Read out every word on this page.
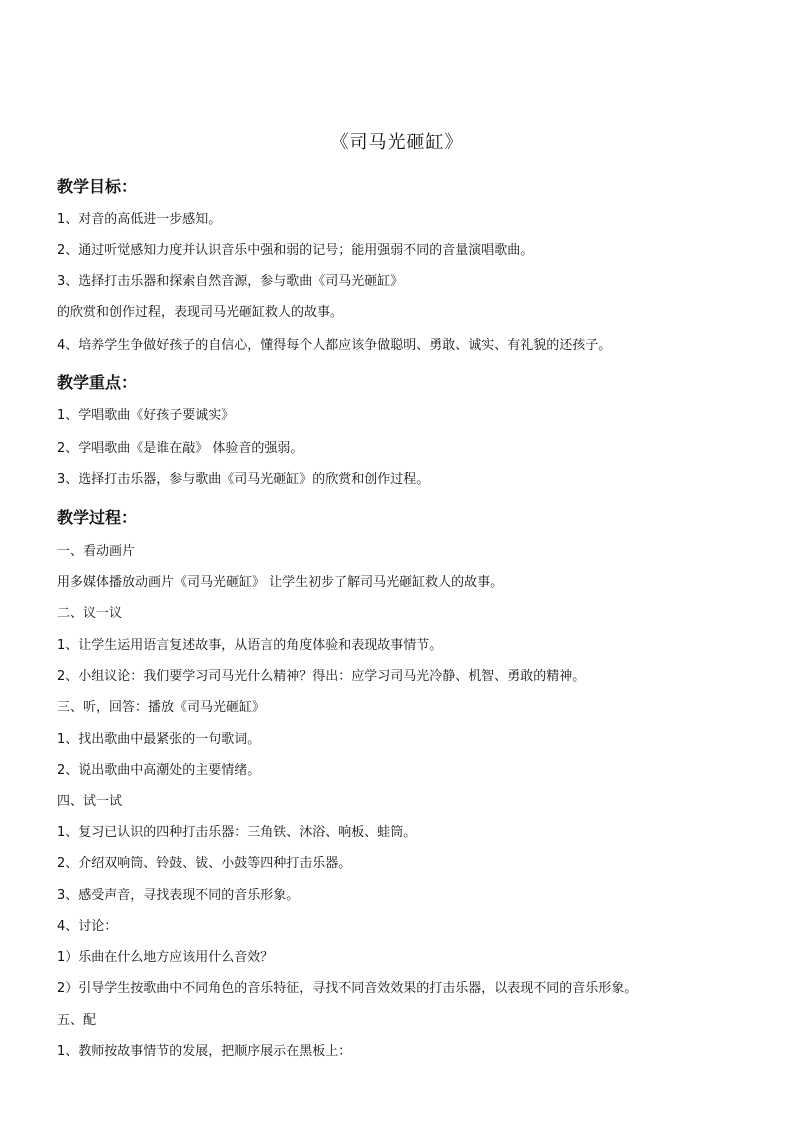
《司马光砸缸》
教学目标：
1、对音的高低进一步感知。
2、通过听觉感知力度并认识音乐中强和弱的记号；能用强弱不同的音量演唱歌曲。
3、选择打击乐器和探索自然音源，参与歌曲《司马光砸缸》
的欣赏和创作过程，表现司马光砸缸救人的故事。
4、培养学生争做好孩子的自信心，懂得每个人都应该争做聪明、勇敢、诚实、有礼貌的还孩子。
教学重点：
1、学唱歌曲《好孩子要诚实》
2、学唱歌曲《是谁在敲》 体验音的强弱。
3、选择打击乐器，参与歌曲《司马光砸缸》的欣赏和创作过程。
教学过程：
一、看动画片
用多媒体播放动画片《司马光砸缸》 让学生初步了解司马光砸缸救人的故事。
二、议一议
1、让学生运用语言复述故事，从语言的角度体验和表现故事情节。
2、小组议论：我们要学习司马光什么精神？得出：应学习司马光冷静、机智、勇敢的精神。
三、听，回答：播放《司马光砸缸》
1、找出歌曲中最紧张的一句歌词。
2、说出歌曲中高潮处的主要情绪。
四、试一试
1、复习已认识的四种打击乐器：三角铁、沐浴、响板、蛙筒。
2、介绍双响筒、铃鼓、钹、小鼓等四种打击乐器。
3、感受声音，寻找表现不同的音乐形象。
4、讨论：
1）乐曲在什么地方应该用什么音效？
2）引导学生按歌曲中不同角色的音乐特征，寻找不同音效效果的打击乐器，以表现不同的音乐形象。
五、配
1、教师按故事情节的发展，把顺序展示在黑板上：
